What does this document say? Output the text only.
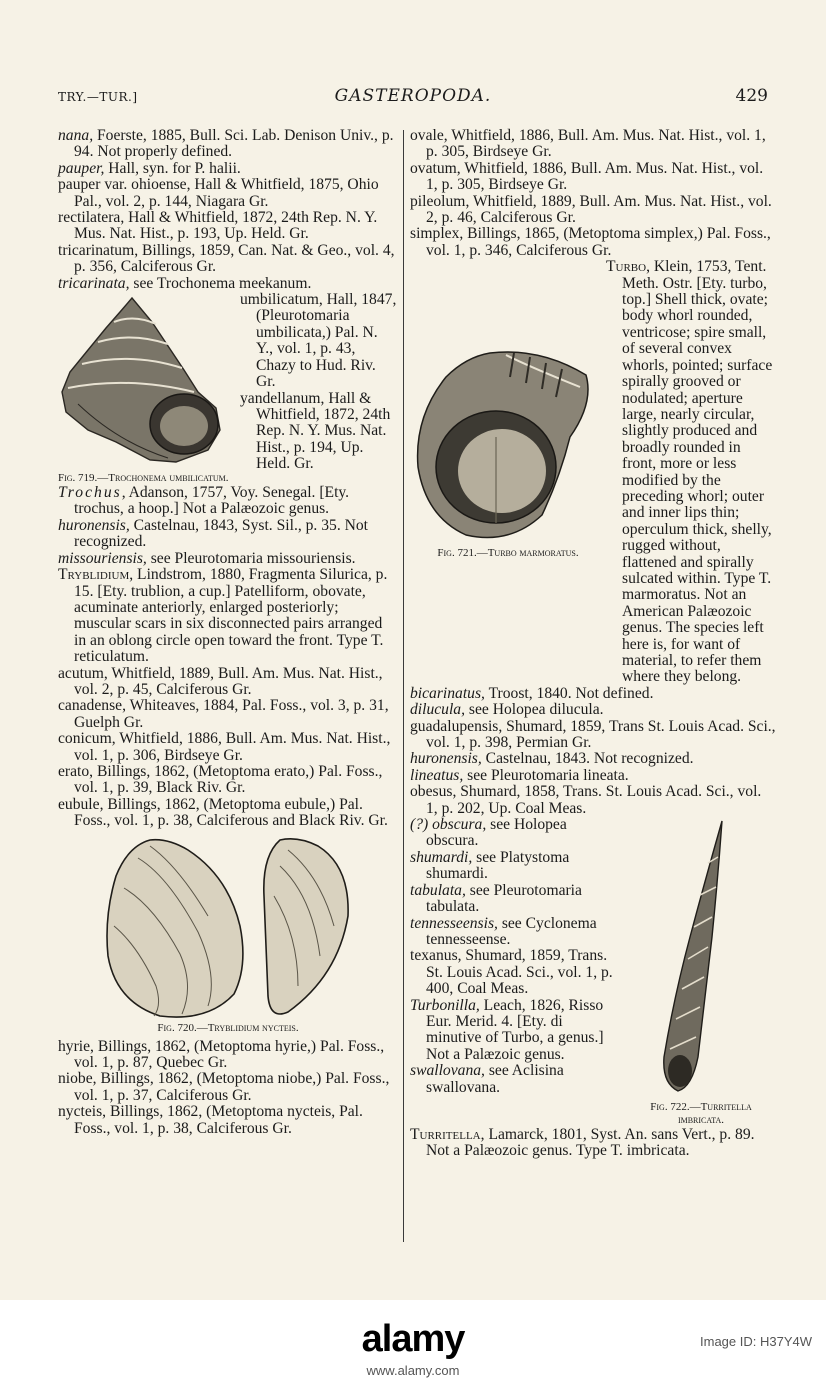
TRY.—TUR.]	GASTEROPODA.	429

nana, Foerste, 1885, Bull. Sci. Lab. Denison Univ., p. 94. Not properly defined.

pauper, Hall, syn. for P. halii.

pauper var. ohioense, Hall & Whitfield, 1875, Ohio Pal., vol. 2, p. 144, Niagara Gr.

rectilatera, Hall & Whitfield, 1872, 24th Rep. N. Y. Mus. Nat. Hist., p. 193, Up. Held. Gr.

tricarinatum, Billings, 1859, Can. Nat. & Geo., vol. 4, p. 356, Calciferous Gr.

tricarinata, see Trochonema meekanum.

Fig. 719.—Trochonema umbilicatum.

umbilicatum, Hall, 1847, (Pleurotomaria umbilicata,) Pal. N. Y., vol. 1, p. 43, Chazy to Hud. Riv. Gr.

yandellanum, Hall & Whitfield, 1872, 24th Rep. N. Y. Mus. Nat. Hist., p. 194, Up. Held. Gr.

Trochus, Adanson, 1757, Voy. Senegal. [Ety. trochus, a hoop.] Not a Palæozoic genus.

huronensis, Castelnau, 1843, Syst. Sil., p. 35. Not recognized.

missouriensis, see Pleurotomaria missouriensis.

Tryblidium, Lindstrom, 1880, Fragmenta Silurica, p. 15. [Ety. trublion, a cup.] Patelliform, obovate, acuminate anteriorly, enlarged posteriorly; muscular scars in six disconnected pairs arranged in an oblong circle open toward the front. Type T. reticulatum.

acutum, Whitfield, 1889, Bull. Am. Mus. Nat. Hist., vol. 2, p. 45, Calciferous Gr.

canadense, Whiteaves, 1884, Pal. Foss., vol. 3, p. 31, Guelph Gr.

conicum, Whitfield, 1886, Bull. Am. Mus. Nat. Hist., vol. 1, p. 306, Birdseye Gr.

erato, Billings, 1862, (Metoptoma erato,) Pal. Foss., vol. 1, p. 39, Black Riv. Gr.

eubule, Billings, 1862, (Metoptoma eubule,) Pal. Foss., vol. 1, p. 38, Calciferous and Black Riv. Gr.

Fig. 720.—Tryblidium nycteis.

hyrie, Billings, 1862, (Metoptoma hyrie,) Pal. Foss., vol. 1, p. 87, Quebec Gr.

niobe, Billings, 1862, (Metoptoma niobe,) Pal. Foss., vol. 1, p. 37, Calciferous Gr.

nycteis, Billings, 1862, (Metoptoma nycteis, Pal. Foss., vol. 1, p. 38, Calciferous Gr.

ovale, Whitfield, 1886, Bull. Am. Mus. Nat. Hist., vol. 1, p. 305, Birdseye Gr.

ovatum, Whitfield, 1886, Bull. Am. Mus. Nat. Hist., vol. 1, p. 305, Birdseye Gr.

pileolum, Whitfield, 1889, Bull. Am. Mus. Nat. Hist., vol. 2, p. 46, Calciferous Gr.

simplex, Billings, 1865, (Metoptoma simplex,) Pal. Foss., vol. 1, p. 346, Calciferous Gr.

Fig. 721.—Turbo marmoratus.

Turbo, Klein, 1753, Tent. Meth. Ostr. [Ety. turbo, top.] Shell thick, ovate; body whorl rounded, ventricose; spire small, of several convex whorls, pointed; surface spirally grooved or nodulated; aperture large, nearly circular, slightly produced and broadly rounded in front, more or less modified by the preceding whorl; outer and inner lips thin; operculum thick, shelly, rugged without, flattened and spirally sulcated within. Type T. marmoratus. Not an American Palæozoic genus. The species left here is, for want of material, to refer them where they belong.

bicarinatus, Troost, 1840. Not defined.

dilucula, see Holopea dilucula.

guadalupensis, Shumard, 1859, Trans St. Louis Acad. Sci., vol. 1, p. 398, Permian Gr.

huronensis, Castelnau, 1843. Not recognized.

lineatus, see Pleurotomaria lineata.

obesus, Shumard, 1858, Trans. St. Louis Acad. Sci., vol. 1, p. 202, Up. Coal Meas.

(?) obscura, see Holopea obscura.

shumardi, see Platystoma shumardi.

tabulata, see Pleurotomaria tabulata.

tennesseensis, see Cyclonema tennesseense.

texanus, Shumard, 1859, Trans. St. Louis Acad. Sci., vol. 1, p. 400, Coal Meas.

Turbonilla, Leach, 1826, Risso Eur. Merid. 4. [Ety. di minutive of Turbo, a genus.] Not a Palæzoic genus.

swallovana, see Aclisina swallovana.

Fig. 722.—Turritella imbricata.

Turritella, Lamarck, 1801, Syst. An. sans Vert., p. 89. Not a Palæozoic genus. Type T. imbricata.

alamy
www.alamy.com
Image ID: H37Y4W
